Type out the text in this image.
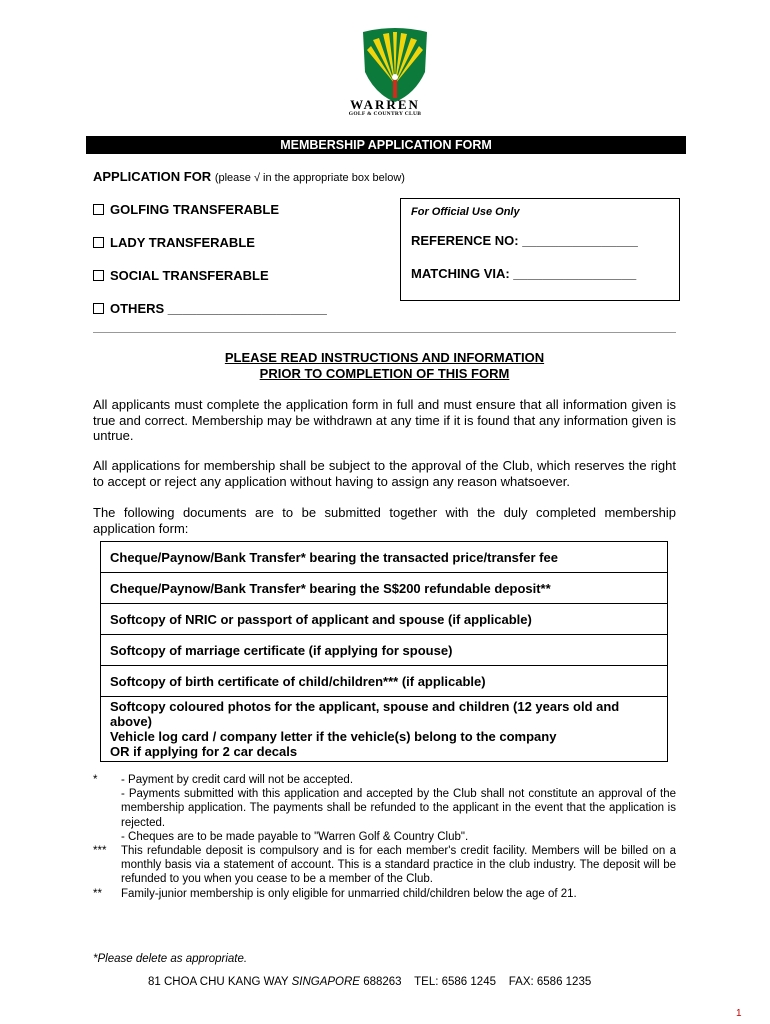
WARREN
GOLF & COUNTRY CLUB
MEMBERSHIP APPLICATION FORM
APPLICATION FOR (please √ in the appropriate box below)
GOLFING TRANSFERABLE
LADY TRANSFERABLE
SOCIAL TRANSFERABLE
OTHERS ______________________
For Official Use Only
REFERENCE NO: ________________
MATCHING VIA: _________________
PLEASE READ INSTRUCTIONS AND INFORMATION
PRIOR TO COMPLETION OF THIS FORM
All applicants must complete the application form in full and must ensure that all information given is true and correct. Membership may be withdrawn at any time if it is found that any information given is untrue.
All applications for membership shall be subject to the approval of the Club, which reserves the right to accept or reject any application without having to assign any reason whatsoever.
The following documents are to be submitted together with the duly completed membership application form:
Cheque/Paynow/Bank Transfer* bearing the transacted price/transfer fee
Cheque/Paynow/Bank Transfer* bearing the S$200 refundable deposit**
Softcopy of NRIC or passport of applicant and spouse (if applicable)
Softcopy of marriage certificate (if applying for spouse)
Softcopy of birth certificate of child/children*** (if applicable)

Softcopy coloured photos for the applicant, spouse and children (12 years old and above)
Vehicle log card / company letter if the vehicle(s) belong to the company
OR if applying for 2 car decals
* - Payment by credit card will not be accepted.
- Payments submitted with this application and accepted by the Club shall not constitute an approval of the membership application. The payments shall be refunded to the applicant in the event that the application is rejected.
- Cheques are to be made payable to "Warren Golf & Country Club".
*** This refundable deposit is compulsory and is for each member's credit facility. Members will be billed on a monthly basis via a statement of account. This is a standard practice in the club industry. The deposit will be refunded to you when you cease to be a member of the Club.
** Family-junior membership is only eligible for unmarried child/children below the age of 21.
*Please delete as appropriate.
81 CHOA CHU KANG WAY SINGAPORE 688263 TEL: 6586 1245 FAX: 6586 1235
1
